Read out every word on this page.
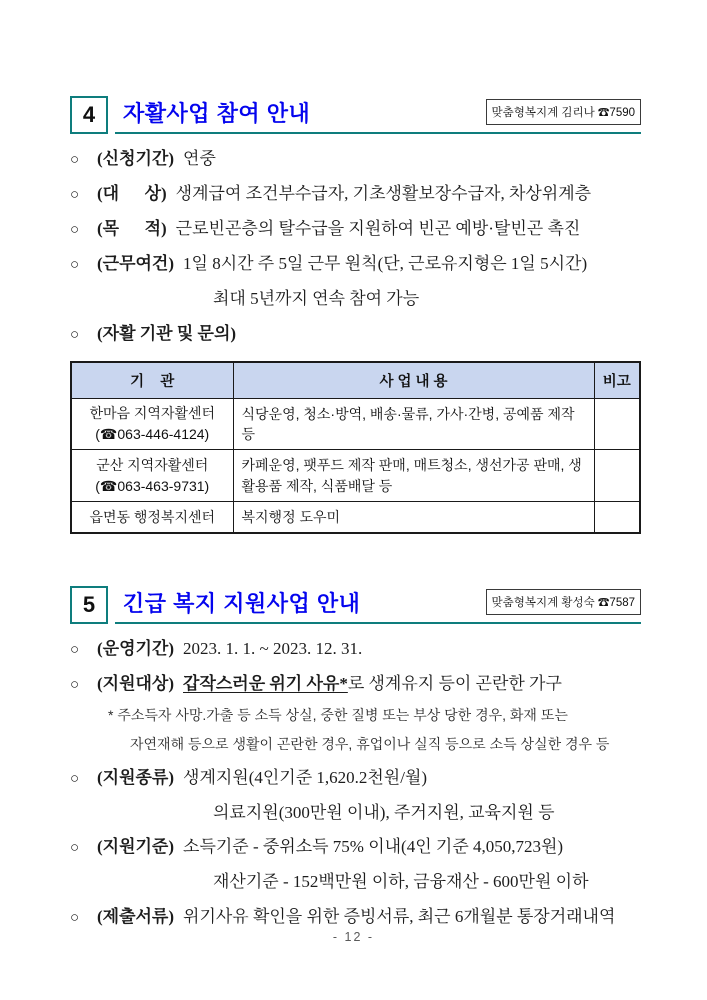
4	자활사업 참여 안내	맞춤형복지계 김리나 ☎7590
○	(신청기간) 연중
○	(대      상) 생계급여 조건부수급자, 기초생활보장수급자, 차상위계층
○	(목      적) 근로빈곤층의 탈수급을 지원하여 빈곤 예방·탈빈곤 촉진
○	(근무여건) 1일 8시간 주 5일 근무 원칙(단, 근로유지형은 1일 5시간)
최대 5년까지 연속 참여 가능
○	(자활 기관 및 문의)
기    관	사 업 내 용	비고

한마음 지역자활센터
(☎063-446-4124)	식당운영, 청소·방역, 배송·물류, 가사·간병, 공예품 제작 등	

군산 지역자활센터
(☎063-463-9731)	카페운영, 팻푸드 제작 판매, 매트청소, 생선가공 판매, 생활용품 제작, 식품배달 등	

읍면동 행정복지센터	복지행정 도우미	
5	긴급 복지 지원사업 안내	맞춤형복지계 황성숙 ☎7587
○	(운영기간) 2023. 1. 1. ~ 2023. 12. 31.
○	(지원대상) 갑작스러운 위기 사유*로 생계유지 등이 곤란한 가구
* 주소득자 사망.가출 등 소득 상실, 중한 질병 또는 부상 당한 경우, 화재 또는
자연재해 등으로 생활이 곤란한 경우, 휴업이나 실직 등으로 소득 상실한 경우 등
○	(지원종류) 생계지원(4인기준 1,620.2천원/월)
의료지원(300만원 이내), 주거지원, 교육지원 등
○	(지원기준) 소득기준 - 중위소득 75% 이내(4인 기준 4,050,723원)
재산기준 - 152백만원 이하, 금융재산 - 600만원 이하
○	(제출서류) 위기사유 확인을 위한 증빙서류, 최근 6개월분 통장거래내역
- 12 -
